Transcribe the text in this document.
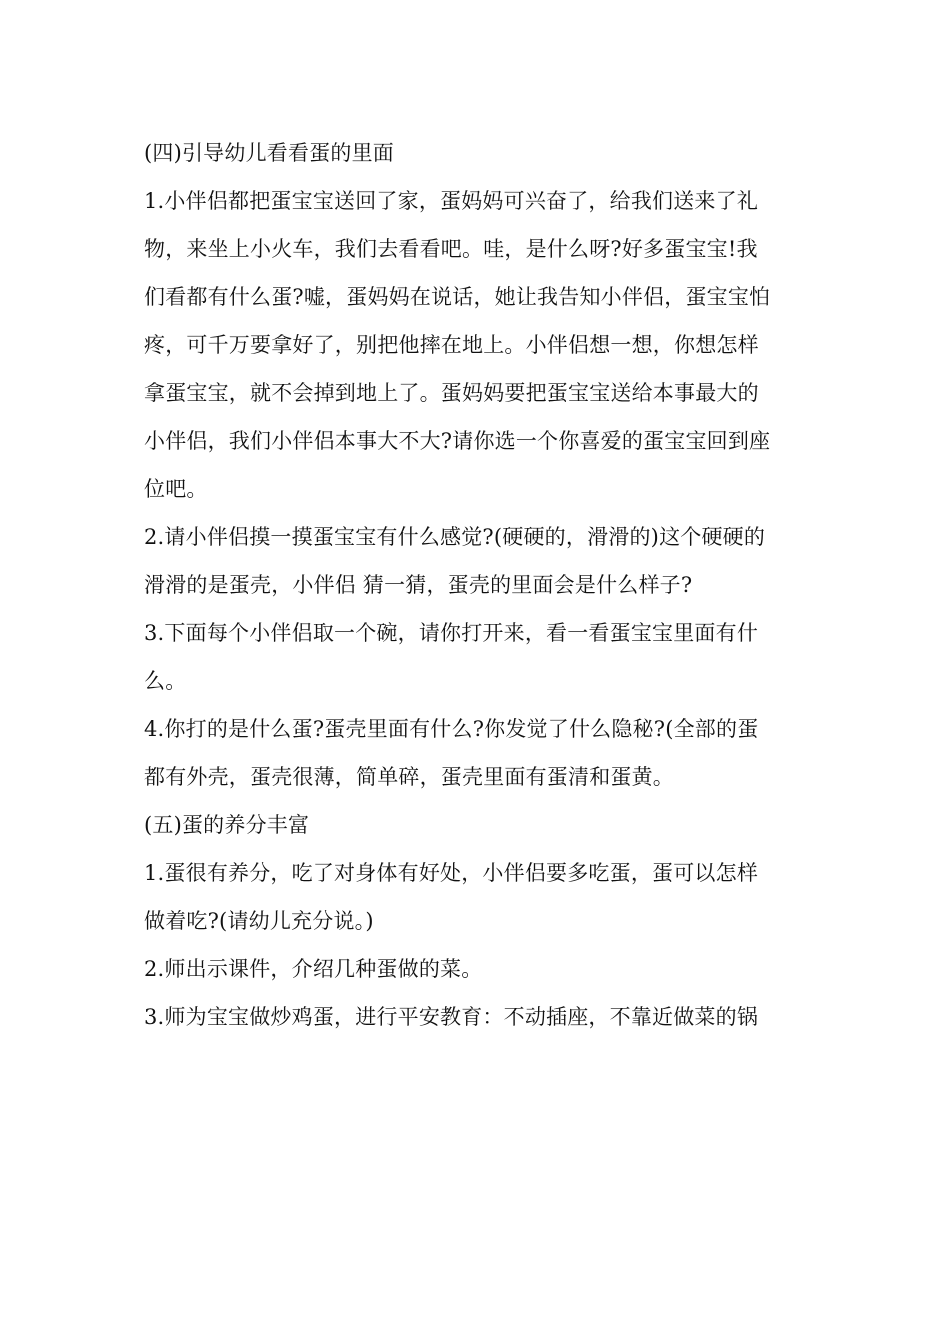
(四)引导幼儿看看蛋的里面
1.小伴侣都把蛋宝宝送回了家，蛋妈妈可兴奋了，给我们送来了礼
物，来坐上小火车，我们去看看吧。哇，是什么呀?好多蛋宝宝!我
们看都有什么蛋?嘘，蛋妈妈在说话，她让我告知小伴侣，蛋宝宝怕
疼，可千万要拿好了，别把他摔在地上。小伴侣想一想，你想怎样
拿蛋宝宝，就不会掉到地上了。蛋妈妈要把蛋宝宝送给本事最大的
小伴侣，我们小伴侣本事大不大?请你选一个你喜爱的蛋宝宝回到座
位吧。
2.请小伴侣摸一摸蛋宝宝有什么感觉?(硬硬的，滑滑的)这个硬硬的
滑滑的是蛋壳，小伴侣 猜一猜，蛋壳的里面会是什么样子?
3.下面每个小伴侣取一个碗，请你打开来，看一看蛋宝宝里面有什
么。
4.你打的是什么蛋?蛋壳里面有什么?你发觉了什么隐秘?(全部的蛋
都有外壳，蛋壳很薄，简单碎，蛋壳里面有蛋清和蛋黄。
(五)蛋的养分丰富
1.蛋很有养分，吃了对身体有好处，小伴侣要多吃蛋，蛋可以怎样
做着吃?(请幼儿充分说。)
2.师出示课件，介绍几种蛋做的菜。
3.师为宝宝做炒鸡蛋，进行平安教育：不动插座，不靠近做菜的锅
